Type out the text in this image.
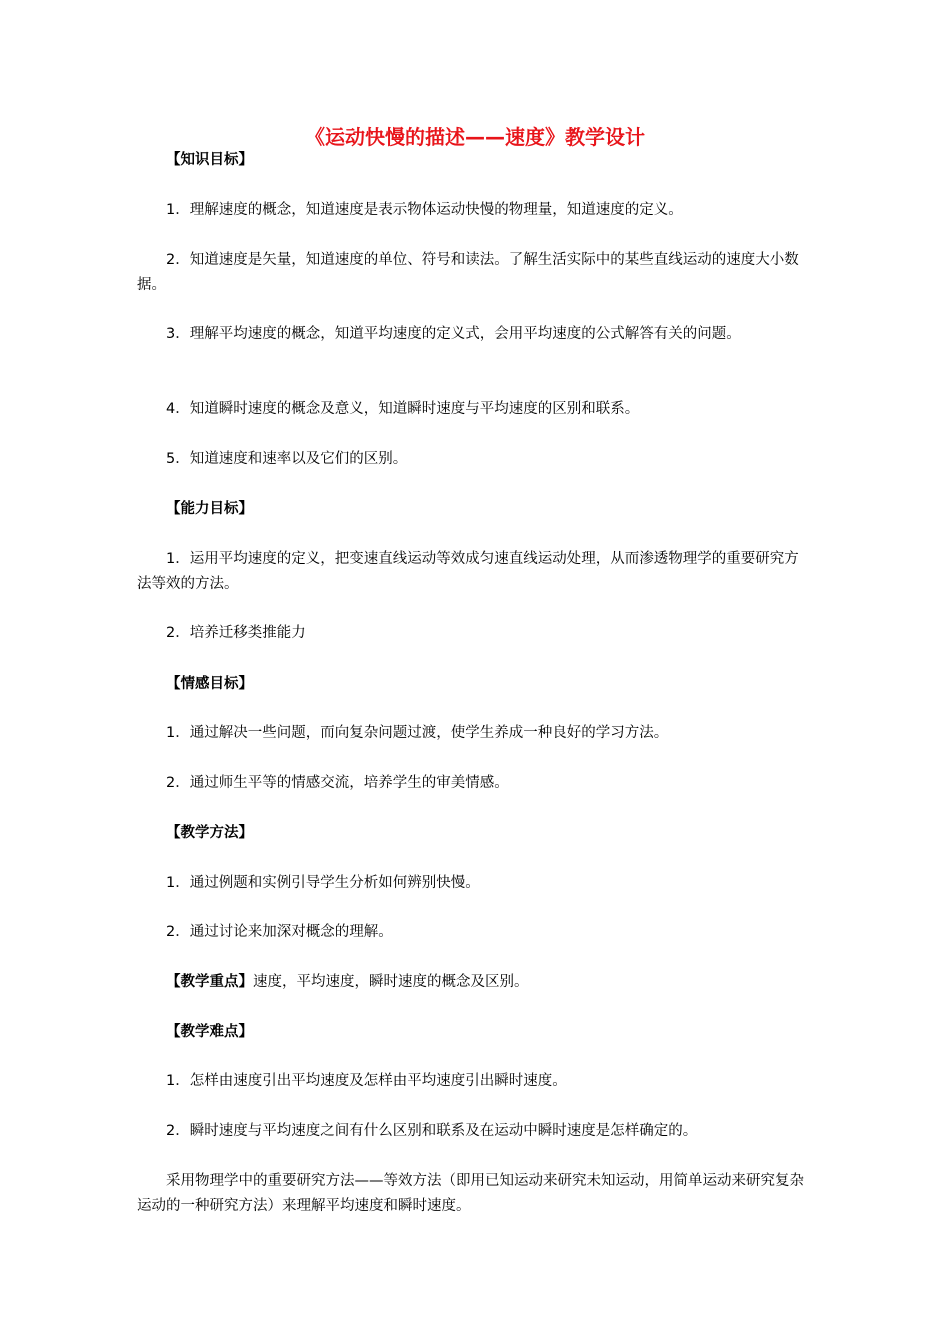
《运动快慢的描述——速度》教学设计
【知识目标】
1．理解速度的概念，知道速度是表示物体运动快慢的物理量，知道速度的定义。
2．知道速度是矢量，知道速度的单位、符号和读法。了解生活实际中的某些直线运动的速度大小数据。
3．理解平均速度的概念，知道平均速度的定义式，会用平均速度的公式解答有关的问题。
4．知道瞬时速度的概念及意义，知道瞬时速度与平均速度的区别和联系。
5．知道速度和速率以及它们的区别。
【能力目标】
1．运用平均速度的定义，把变速直线运动等效成匀速直线运动处理，从而渗透物理学的重要研究方法等效的方法。
2．培养迁移类推能力
【情感目标】
1．通过解决一些问题，而向复杂问题过渡，使学生养成一种良好的学习方法。
2．通过师生平等的情感交流，培养学生的审美情感。
【教学方法】
1．通过例题和实例引导学生分析如何辨别快慢。
2．通过讨论来加深对概念的理解。
【教学重点】速度，平均速度，瞬时速度的概念及区别。
【教学难点】
1．怎样由速度引出平均速度及怎样由平均速度引出瞬时速度。
2．瞬时速度与平均速度之间有什么区别和联系及在运动中瞬时速度是怎样确定的。
采用物理学中的重要研究方法——等效方法（即用已知运动来研究未知运动，用简单运动来研究复杂运动的一种研究方法）来理解平均速度和瞬时速度。
